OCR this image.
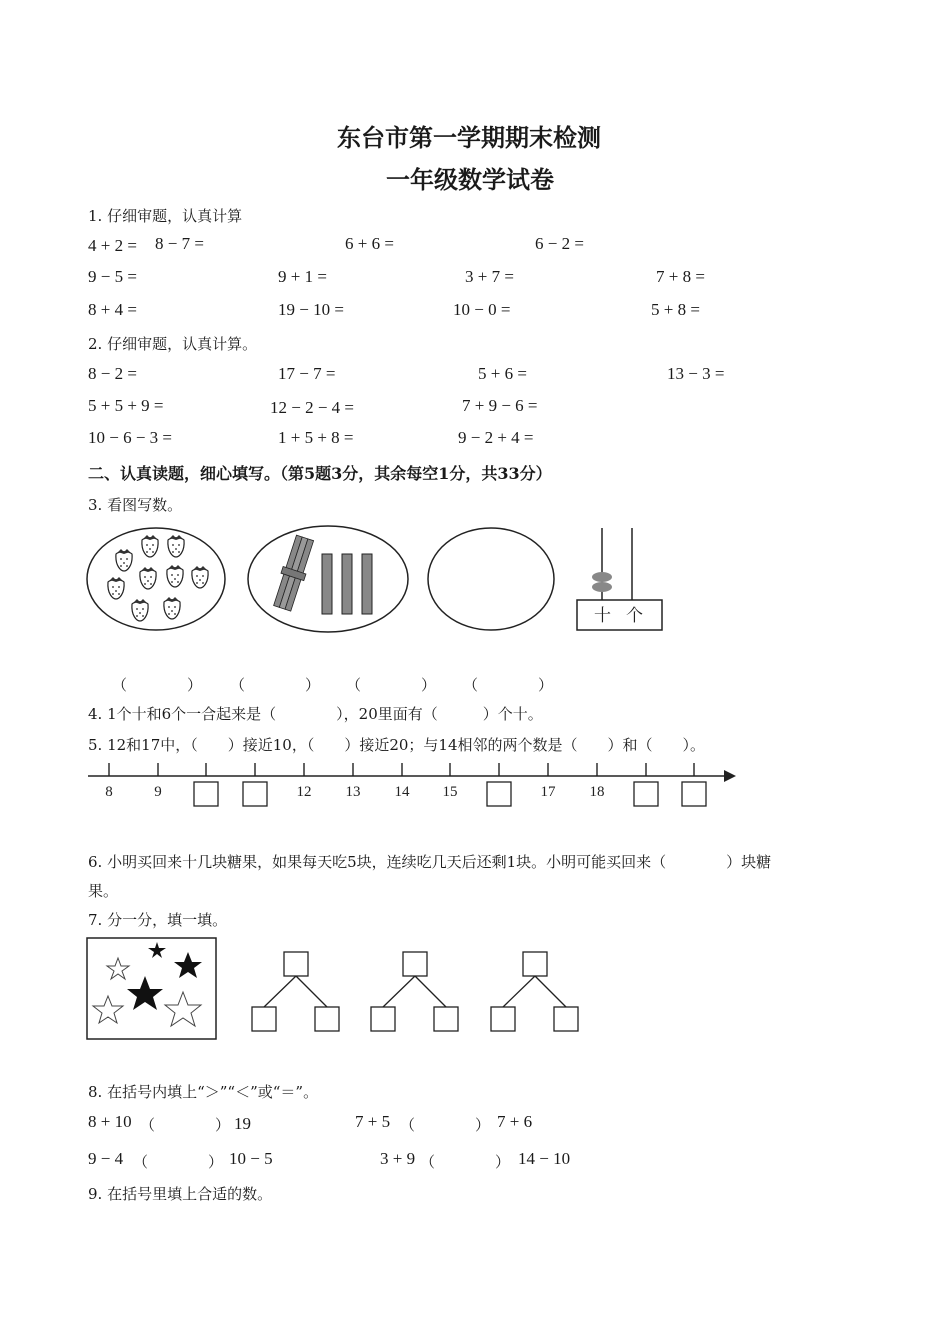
东台市第一学期期末检测
一年级数学试卷
1. 仔细审题，认真计算
4 + 2 = 8 − 7 =	6 + 6 =	6 − 2 =
9 − 5 =	9 + 1 =	3 + 7 =	7 + 8 =
8 + 4 =	19 − 10 =	10 − 0 =	5 + 8 =
2. 仔细审题，认真计算。
8 − 2 =	17 − 7 =	5 + 6 =	13 − 3 =
5 + 5 + 9 =	12 − 2 − 4 =	7 + 9 − 6 =
10 − 6 − 3 =	1 + 5 + 8 =	9 − 2 + 4 =
二、认真读题，细心填写。（第5题3分，其余每空1分，共33分）
3. 看图写数。
十 个
（　　　　） （　　　　） （　　　　） （　　　　）
4. 1个十和6个一合起来是（　　　　），20里面有（　　　）个十。
5. 12和17中，（　　）接近10，（　　）接近20；与14相邻的两个数是（　　）和（　　）。
8	9	12 13 14 15	17 18
6. 小明买回来十几块糖果，如果每天吃5块，连续吃几天后还剩1块。小明可能买回来（　　　　）块糖
果。
7. 分一分，填一填。
8. 在括号内填上“＞”“＜”或“＝”。
8 + 10 （　　　　） 19	7 + 5 （　　　　） 7 + 6
9 − 4 （　　　　） 10 − 5	3 + 9 （　　　　） 14 − 10
9. 在括号里填上合适的数。
